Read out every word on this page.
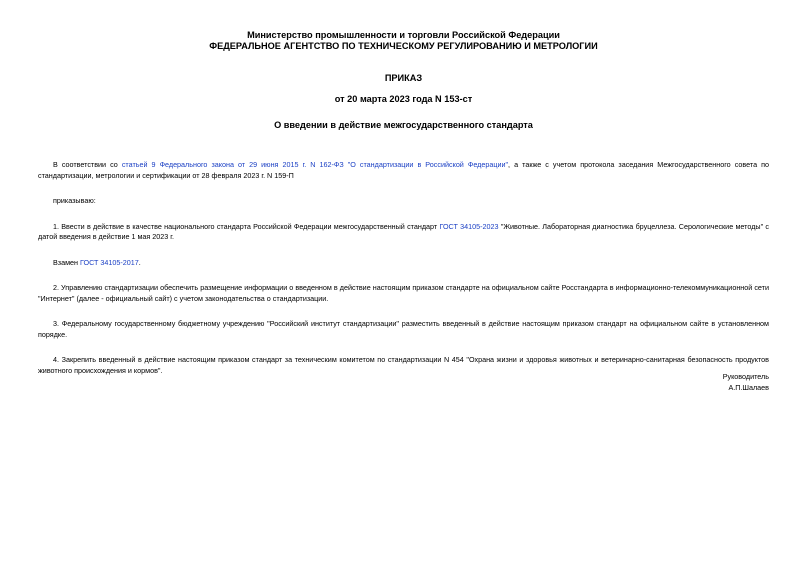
Министерство промышленности и торговли Российской Федерации
ФЕДЕРАЛЬНОЕ АГЕНТСТВО ПО ТЕХНИЧЕСКОМУ РЕГУЛИРОВАНИЮ И МЕТРОЛОГИИ
ПРИКАЗ
от 20 марта 2023 года N 153-ст
О введении в действие межгосударственного стандарта

В соответствии со статьей 9 Федерального закона от 29 июня 2015 г. N 162-ФЗ "О стандартизации в Российской Федерации", а также с учетом протокола заседания Межгосударственного совета по стандартизации, метрологии и сертификации от 28 февраля 2023 г. N 159-П

приказываю:

1. Ввести в действие в качестве национального стандарта Российской Федерации межгосударственный стандарт ГОСТ 34105-2023 "Животные. Лабораторная диагностика бруцеллеза. Серологические методы" с датой введения в действие 1 мая 2023 г.

Взамен ГОСТ 34105-2017.

2. Управлению стандартизации обеспечить размещение информации о введенном в действие настоящим приказом стандарте на официальном сайте Росстандарта в информационно-телекоммуникационной сети "Интернет" (далее - официальный сайт) с учетом законодательства о стандартизации.

3. Федеральному государственному бюджетному учреждению "Российский институт стандартизации" разместить введенный в действие настоящим приказом стандарт на официальном сайте в установленном порядке.

4. Закрепить введенный в действие настоящим приказом стандарт за техническим комитетом по стандартизации N 454 "Охрана жизни и здоровья животных и ветеринарно-санитарная безопасность продуктов животного происхождения и кормов".

Руководитель
А.П.Шалаев
